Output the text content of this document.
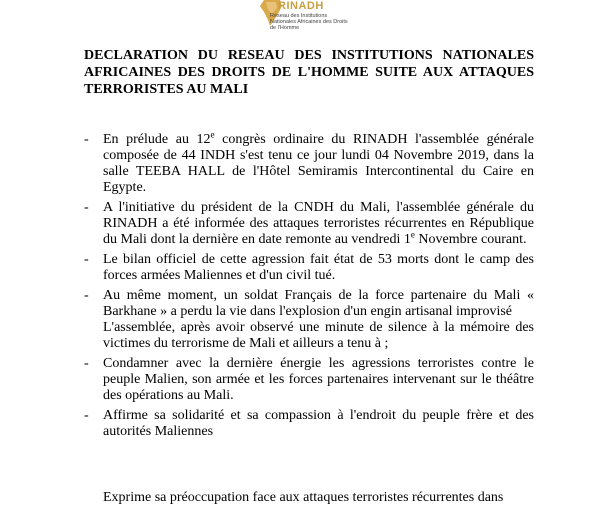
RINADH
Réseau des Institutions Nationales Africaines des Droits de l'Homme
DECLARATION DU RESEAU DES INSTITUTIONS NATIONALES AFRICAINES DES DROITS DE L'HOMME SUITE AUX ATTAQUES TERRORISTES AU MALI
- En prélude au 12e congrès ordinaire du RINADH l'assemblée générale composée de 44 INDH s'est tenu ce jour lundi 04 Novembre 2019, dans la salle TEEBA HALL de l'Hôtel Semiramis Intercontinental du Caire en Egypte.
- A l'initiative du président de la CNDH du Mali, l'assemblée générale du RINADH a été informée des attaques terroristes récurrentes en République du Mali dont la dernière en date remonte au vendredi 1e Novembre courant.
- Le bilan officiel de cette agression fait état de 53 morts dont le camp des forces armées Maliennes et d'un civil tué.
- Au même moment, un soldat Français de la force partenaire du Mali « Barkhane » a perdu la vie dans l'explosion d'un engin artisanal improvisé
L'assemblée, après avoir observé une minute de silence à la mémoire des victimes du terrorisme de Mali et ailleurs a tenu à ;
- Condamner avec la dernière énergie les agressions terroristes contre le peuple Malien, son armée et les forces partenaires intervenant sur le théâtre des opérations au Mali.
- Affirme sa solidarité et sa compassion à l'endroit du peuple frère et des autorités Maliennes
Exprime sa préoccupation face aux attaques terroristes récurrentes dans
